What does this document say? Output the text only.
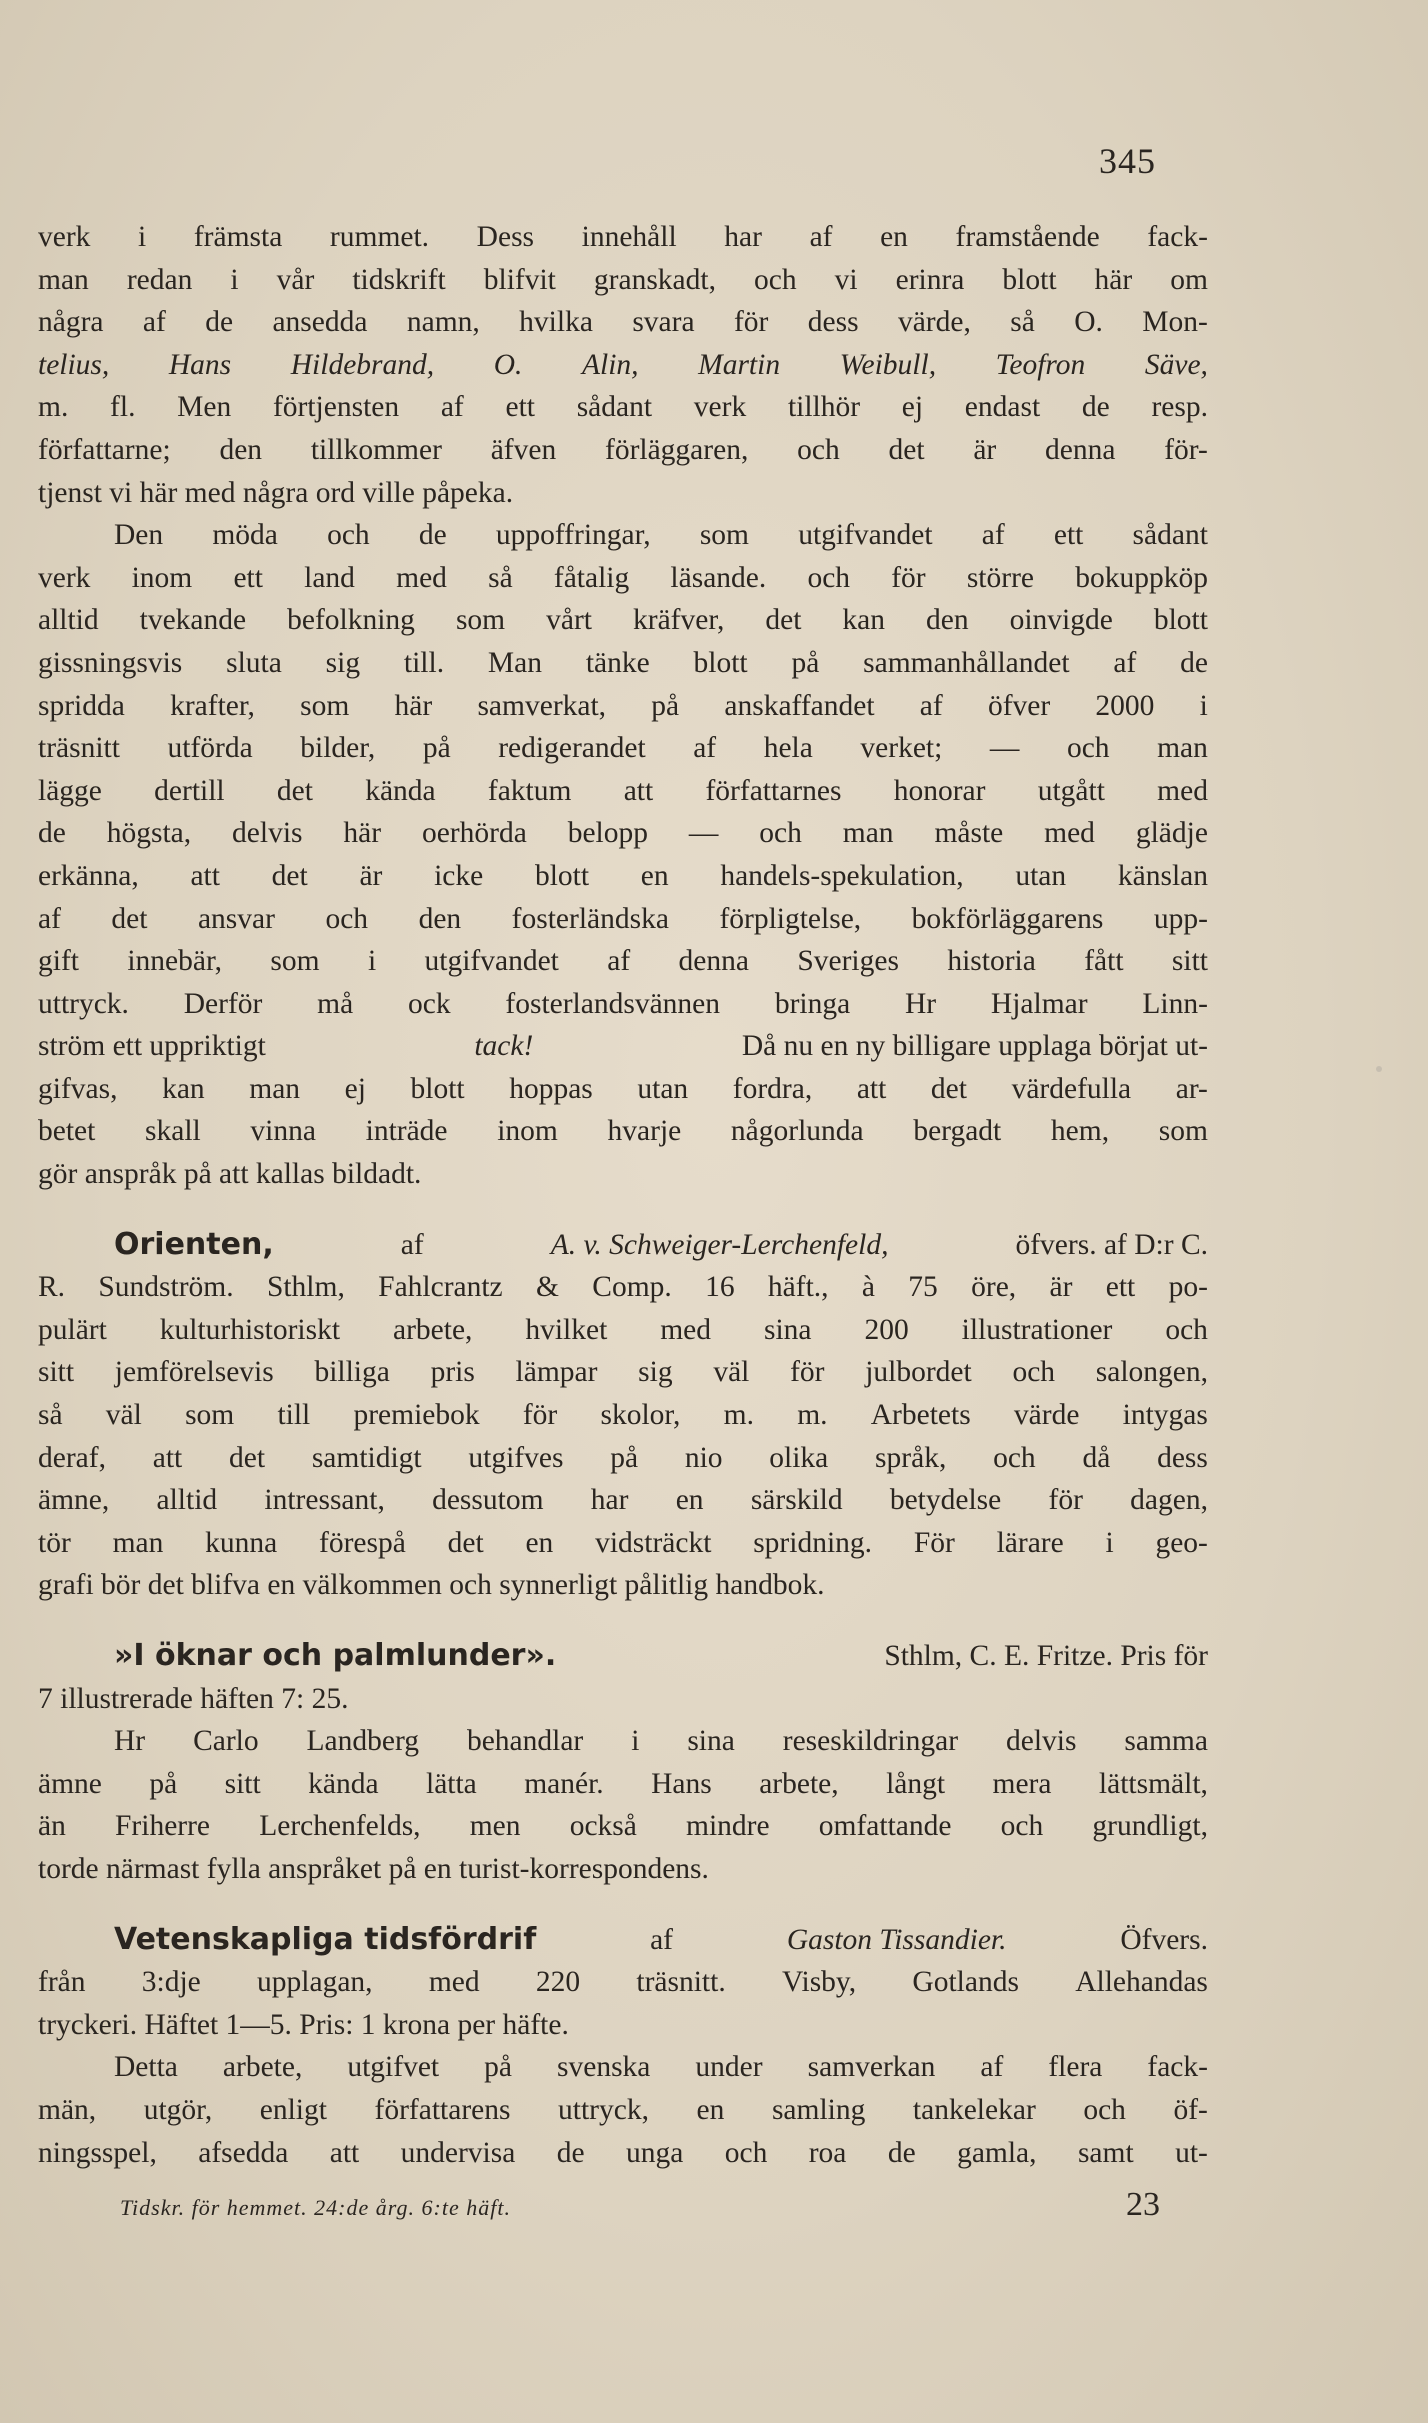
345
verk i främsta rummet. Dess innehåll har af en framstående fack-
man redan i vår tidskrift blifvit granskadt, och vi erinra blott här om
några af de ansedda namn, hvilka svara för dess värde, så O. Mon-
telius, Hans Hildebrand, O. Alin, Martin Weibull, Teofron Säve,
m. fl. Men förtjensten af ett sådant verk tillhör ej endast de resp.
författarne; den tillkommer äfven förläggaren, och det är denna för-
tjenst vi här med några ord ville påpeka.
Den möda och de uppoffringar, som utgifvandet af ett sådant
verk inom ett land med så fåtalig läsande. och för större bokuppköp
alltid tvekande befolkning som vårt kräfver, det kan den oinvigde blott
gissningsvis sluta sig till. Man tänke blott på sammanhållandet af de
spridda krafter, som här samverkat, på anskaffandet af öfver 2000 i
träsnitt utförda bilder, på redigerandet af hela verket; — och man
lägge dertill det kända faktum att författarnes honorar utgått med
de högsta, delvis här oerhörda belopp — och man måste med glädje
erkänna, att det är icke blott en handels-spekulation, utan känslan
af det ansvar och den fosterländska förpligtelse, bokförläggarens upp-
gift innebär, som i utgifvandet af denna Sveriges historia fått sitt
uttryck. Derför må ock fosterlandsvännen bringa Hr Hjalmar Linn-
ström ett uppriktigt	tack!	Då nu en ny billigare upplaga börjat ut-
gifvas, kan man ej blott hoppas utan fordra, att det värdefulla ar-
betet skall vinna inträde inom hvarje någorlunda bergadt hem, som
gör anspråk på att kallas bildadt.
Orienten,	af	A. v. Schweiger-Lerchenfeld,	öfvers. af D:r C.
R. Sundström. Sthlm, Fahlcrantz & Comp. 16 häft., à 75 öre, är ett po-
pulärt kulturhistoriskt arbete, hvilket med sina 200 illustrationer och
sitt jemförelsevis billiga pris lämpar sig väl för julbordet och salongen,
så väl som till premiebok för skolor, m. m. Arbetets värde intygas
deraf, att det samtidigt utgifves på nio olika språk, och då dess
ämne, alltid intressant, dessutom har en särskild betydelse för dagen,
tör man kunna förespå det en vidsträckt spridning. För lärare i geo-
grafi bör det blifva en välkommen och synnerligt pålitlig handbok.
»I öknar och palmlunder».	Sthlm, C. E. Fritze. Pris för
7 illustrerade häften 7: 25.
Hr Carlo Landberg behandlar i sina reseskildringar delvis samma
ämne på sitt kända lätta manér. Hans arbete, långt mera lättsmält,
än Friherre Lerchenfelds, men också mindre omfattande och grundligt,
torde närmast fylla anspråket på en turist-korrespondens.
Vetenskapliga tidsfördrif	af	Gaston Tissandier.	Öfvers.
från 3:dje upplagan, med 220 träsnitt. Visby, Gotlands Allehandas
tryckeri. Häftet 1—5. Pris: 1 krona per häfte.
Detta arbete, utgifvet på svenska under samverkan af flera fack-
män, utgör, enligt författarens uttryck, en samling tankelekar och öf-
ningsspel, afsedda att undervisa de unga och roa de gamla, samt ut-
Tidskr. för hemmet. 24:de årg. 6:te häft.	23
